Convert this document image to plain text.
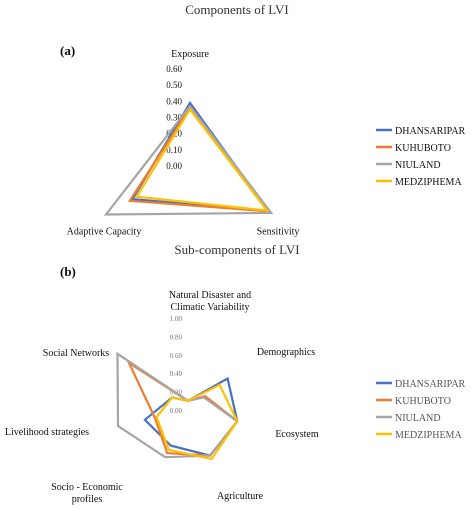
Components of LVI
(a)
0.00
0.10
0.20
0.30
0.40
0.50
0.60
Exposure
Sensitivity
Adaptive Capacity
DHANSARIPAR
KUHUBOTO
NIULAND
MEDZIPHEMA
Sub-components of LVI
(b)
0.00
0.20
0.40
0.60
0.80
1.00
Natural Disaster and Climatic Variability
Demographics
Ecosystem
Agriculture
Socio - Economic profiles
Livelihood strategies
Social Networks
DHANSARIPAR
KUHUBOTO
NIULAND
MEDZIPHEMA
